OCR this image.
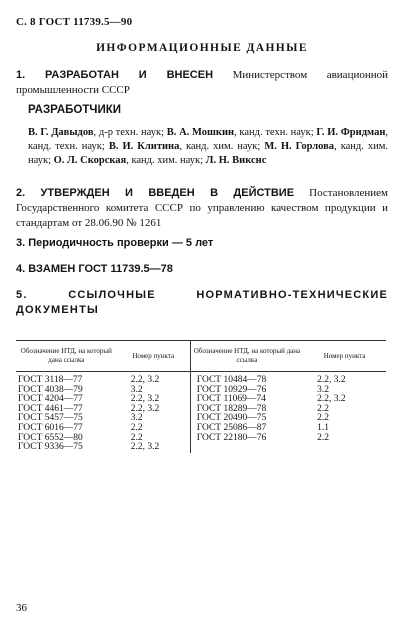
С. 8 ГОСТ 11739.5—90
ИНФОРМАЦИОННЫЕ ДАННЫЕ
1. РАЗРАБОТАН И ВНЕСЕН Министерством авиационной промышленности СССР
РАЗРАБОТЧИКИ
В. Г. Давыдов, д-р техн. наук; В. А. Мошкин, канд. техн. наук; Г. И. Фридман, канд. техн. наук; В. И. Клитина, канд. хим. наук; М. Н. Горлова, канд. хим. наук; О. Л. Скорская, канд. хим. наук; Л. Н. Викснс
2. УТВЕРЖДЕН И ВВЕДЕН В ДЕЙСТВИЕ Постановлением Государственного комитета СССР по управлению качеством продукции и стандартам от 28.06.90 № 1261
3. Периодичность проверки — 5 лет
4. ВЗАМЕН ГОСТ 11739.5—78
5. ССЫЛОЧНЫЕ НОРМАТИВНО-ТЕХНИЧЕСКИЕ ДОКУМЕНТЫ
Обозначение НТД, на который дана ссылка	Номер пункта	Обозначение НТД, на который дана ссылка	Номер пункта
ГОСТ 3118—77	2.2, 3.2	ГОСТ 10484—78	2.2, 3.2
ГОСТ 4038—79	3.2	ГОСТ 10929—76	3.2
ГОСТ 4204—77	2.2, 3.2	ГОСТ 11069—74	2.2, 3.2
ГОСТ 4461—77	2.2, 3.2	ГОСТ 18289—78	2.2
ГОСТ 5457—75	3.2	ГОСТ 20490—75	2.2
ГОСТ 6016—77	2.2	ГОСТ 25086—87	1.1
ГОСТ 6552—80	2.2	ГОСТ 22180—76	2.2
ГОСТ 9336—75	2.2, 3.2		
36
